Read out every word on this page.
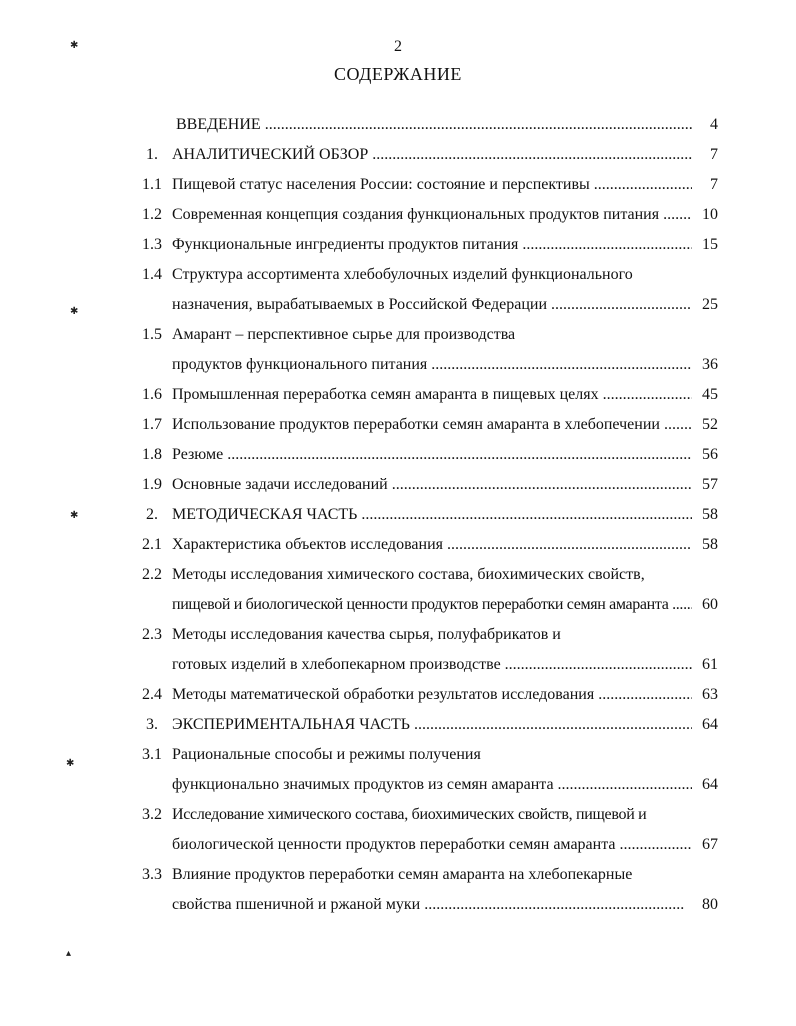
2
СОДЕРЖАНИЕ
✱
✱
✱
✱
▴
ВВЕДЕНИЕ .....	4
1. АНАЛИТИЧЕСКИЙ ОБЗОР .....	7
1.1 Пищевой статус населения России: состояние и перспективы .....	7
1.2 Современная концепция создания функциональных продуктов питания .....	10
1.3 Функциональные ингредиенты продуктов питания .....	15
1.4 Структура ассортимента хлебобулочных изделий функционального
назначения, вырабатываемых в Российской Федерации .....	25
1.5 Амарант – перспективное сырье для производства
продуктов функционального питания .....	36
1.6 Промышленная переработка семян амаранта в пищевых целях .....	45
1.7 Использование продуктов переработки семян амаранта в хлебопечении .....	52
1.8 Резюме .....	56
1.9 Основные задачи исследований .....	57
2. МЕТОДИЧЕСКАЯ ЧАСТЬ .....	58
2.1 Характеристика объектов исследования .....	58
2.2 Методы исследования химического состава, биохимических свойств,
пищевой и биологической ценности продуктов переработки семян амаранта .....	60
2.3 Методы исследования качества сырья, полуфабрикатов и
готовых изделий в хлебопекарном производстве .....	61
2.4 Методы математической обработки результатов исследования .....	63
3. ЭКСПЕРИМЕНТАЛЬНАЯ ЧАСТЬ .....	64
3.1 Рациональные способы и режимы получения
функционально значимых продуктов из семян амаранта .....	64
3.2 Исследование химического состава, биохимических свойств, пищевой и
биологической ценности продуктов переработки семян амаранта .....	67
3.3 Влияние продуктов переработки семян амаранта на хлебопекарные
свойства пшеничной и ржаной муки .....	80
